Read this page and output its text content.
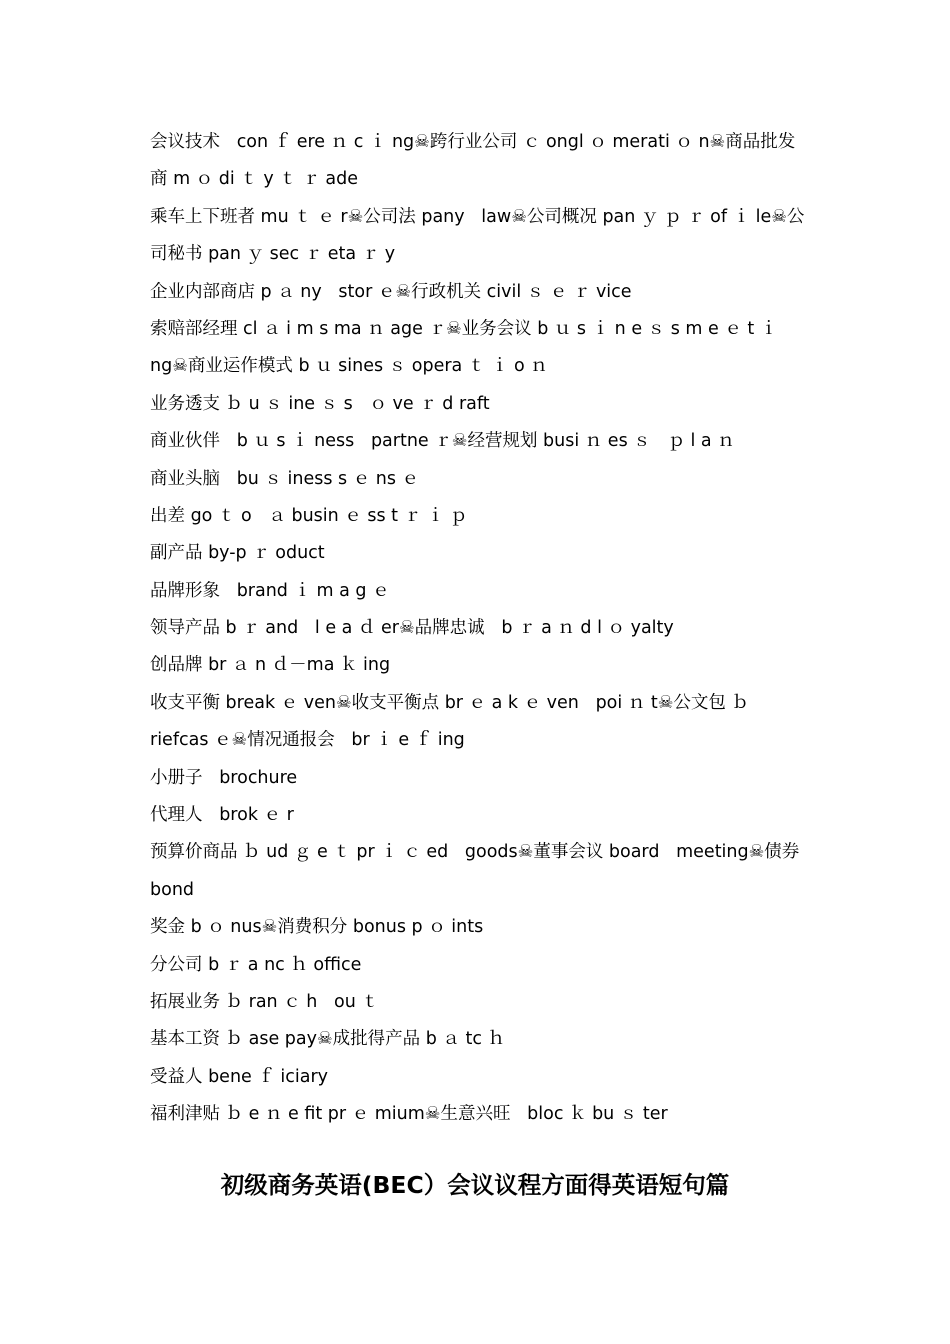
会议技术   con ｆ ere ｎ c ｉ ng☠跨行业公司 ｃ ongl ｏ merati ｏ n☠商品批发
商 m ｏ di ｔ y ｔ ｒ ade
乘车上下班者 mu ｔ ｅ r☠公司法 pany   law☠公司概况 pan ｙ ｐ ｒ of ｉ le☠公
司秘书 pan ｙ sec ｒ eta ｒ y
企业内部商店 p ａ ny   stor ｅ☠行政机关 civil ｓ ｅ ｒ vice
索赔部经理 cl ａ i m s ma ｎ age ｒ☠业务会议 b ｕ s ｉ n e ｓ s m e ｅ t ｉ
ng☠商业运作模式 b ｕ sines ｓ opera ｔ ｉ o ｎ
业务透支 ｂ u ｓ ine ｓ s   ｏ ve ｒ d raft
商业伙伴   b ｕ s ｉ ness   partne ｒ☠经营规划 busi ｎ es ｓ   ｐ l a ｎ
商业头脑   bu ｓ iness s ｅ ns ｅ
出差 go ｔ o   ａ busin ｅ ss t ｒ ｉ ｐ
副产品 by-p ｒ oduct
品牌形象   brand ｉ m a g ｅ
领导产品 b ｒ and   l e a ｄ er☠品牌忠诚   b ｒ a ｎ d l ｏ yalty
创品牌 br ａ n ｄ－ma ｋ ing
收支平衡 break ｅ ven☠收支平衡点 br ｅ a k ｅ ven   poi ｎ t☠公文包 ｂ
riefcas ｅ☠情况通报会   br ｉ e ｆ ing
小册子   brochure
代理人   brok ｅ r
预算价商品 ｂ ud ｇ e ｔ pr ｉ ｃ ed   goods☠董事会议 board   meeting☠债券
bond
奖金 b ｏ nus☠消费积分 bonus p ｏ ints
分公司 b ｒ a nc ｈ office
拓展业务 ｂ ran ｃ h   ou ｔ
基本工资 ｂ ase pay☠成批得产品 b ａ tc ｈ
受益人 bene ｆ iciary
福利津贴 ｂ e ｎ e fit pr ｅ mium☠生意兴旺   bloc ｋ bu ｓ ter
初级商务英语(BEC）会议议程方面得英语短句篇
